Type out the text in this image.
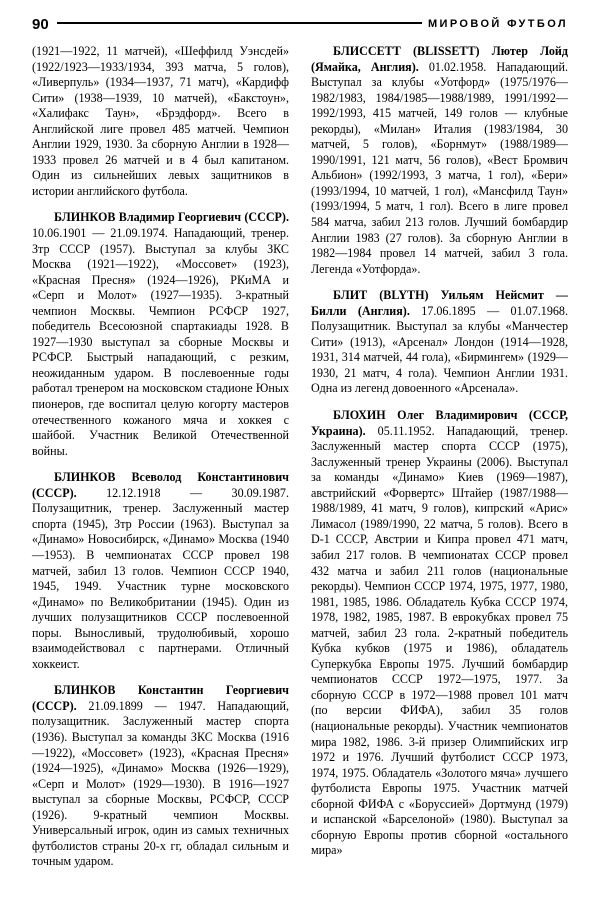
90	МИРОВОЙ ФУТБОЛ

(1921—1922, 11 матчей), «Шеффилд Уэнсдей» (1922/1923—1933/1934, 393 матча, 5 голов), «Ливерпуль» (1934—1937, 71 матч), «Кардифф Сити» (1938—1939, 10 матчей), «Бакстоун», «Халифакс Таун», «Брэдфорд». Всего в Английской лиге провел 485 матчей. Чемпион Англии 1929, 1930. За сборную Англии в 1928—1933 провел 26 матчей и в 4 был капитаном. Один из сильнейших левых защитников в истории английского футбола.

БЛИНКОВ Владимир Георгиевич (СССР). 10.06.1901 — 21.09.1974. Нападающий, тренер. Зтр СССР (1957). Выступал за клубы ЗКС Москва (1921—1922), «Моссовет» (1923), «Красная Пресня» (1924—1926), РКиМА и «Серп и Молот» (1927—1935). 3-кратный чемпион Москвы. Чемпион РСФСР 1927, победитель Всесоюзной спартакиады 1928. В 1927—1930 выступал за сборные Москвы и РСФСР. Быстрый нападающий, с резким, неожиданным ударом. В послевоенные годы работал тренером на московском стадионе Юных пионеров, где воспитал целую когорту мастеров отечественного кожаного мяча и хоккея с шайбой. Участник Великой Отечественной войны.

БЛИНКОВ Всеволод Константинович (СССР). 12.12.1918 — 30.09.1987. Полузащитник, тренер. Заслуженный мастер спорта (1945), Зтр России (1963). Выступал за «Динамо» Новосибирск, «Динамо» Москва (1940—1953). В чемпионатах СССР провел 198 матчей, забил 13 голов. Чемпион СССР 1940, 1945, 1949. Участник турне московского «Динамо» по Великобритании (1945). Один из лучших полузащитников СССР послевоенной поры. Выносливый, трудолюбивый, хорошо взаимодействовал с партнерами. Отличный хоккеист.

БЛИНКОВ Константин Георгиевич (СССР). 21.09.1899 — 1947. Нападающий, полузащитник. Заслуженный мастер спорта (1936). Выступал за команды ЗКС Москва (1916—1922), «Моссовет» (1923), «Красная Пресня» (1924—1925), «Динамо» Москва (1926—1929), «Серп и Молот» (1929—1930). В 1916—1927 выступал за сборные Москвы, РСФСР, СССР (1926). 9-кратный чемпион Москвы. Универсальный игрок, один из самых техничных футболистов страны 20-х гг, обладал сильным и точным ударом.

БЛИССЕТТ (BLISSETT) Лютер Лойд (Ямайка, Англия). 01.02.1958. Нападающий. Выступал за клубы «Уотфорд» (1975/1976—1982/1983, 1984/1985—1988/1989, 1991/1992—1992/1993, 415 матчей, 149 голов — клубные рекорды), «Милан» Италия (1983/1984, 30 матчей, 5 голов), «Борнмут» (1988/1989—1990/1991, 121 матч, 56 голов), «Вест Бромвич Альбион» (1992/1993, 3 матча, 1 гол), «Бери» (1993/1994, 10 матчей, 1 гол), «Мансфилд Таун» (1993/1994, 5 матч, 1 гол). Всего в лиге провел 584 матча, забил 213 голов. Лучший бомбардир Англии 1983 (27 голов). За сборную Англии в 1982—1984 провел 14 матчей, забил 3 гола. Легенда «Уотфорда».

БЛИТ (BLYTH) Уильям Нейсмит — Билли (Англия). 17.06.1895 — 01.07.1968. Полузащитник. Выступал за клубы «Манчестер Сити» (1913), «Арсенал» Лондон (1914—1928, 1931, 314 матчей, 44 гола), «Бирмингем» (1929—1930, 21 матч, 4 гола). Чемпион Англии 1931. Одна из легенд довоенного «Арсенала».

БЛОХИН Олег Владимирович (СССР, Украина). 05.11.1952. Нападающий, тренер. Заслуженный мастер спорта СССР (1975), Заслуженный тренер Украины (2006). Выступал за команды «Динамо» Киев (1969—1987), австрийский «Форвертс» Штайер (1987/1988—1988/1989, 41 матч, 9 голов), кипрский «Арис» Лимасол (1989/1990, 22 матча, 5 голов). Всего в D-1 СССР, Австрии и Кипра провел 471 матч, забил 217 голов. В чемпионатах СССР провел 432 матча и забил 211 голов (национальные рекорды). Чемпион СССР 1974, 1975, 1977, 1980, 1981, 1985, 1986. Обладатель Кубка СССР 1974, 1978, 1982, 1985, 1987. В еврокубках провел 75 матчей, забил 23 гола. 2-кратный победитель Кубка кубков (1975 и 1986), обладатель Суперкубка Европы 1975. Лучший бомбардир чемпионатов СССР 1972—1975, 1977. За сборную СССР в 1972—1988 провел 101 матч (по версии ФИФА), забил 35 голов (национальные рекорды). Участник чемпионатов мира 1982, 1986. 3-й призер Олимпийских игр 1972 и 1976. Лучший футболист СССР 1973, 1974, 1975. Обладатель «Золотого мяча» лучшего футболиста Европы 1975. Участник матчей сборной ФИФА с «Боруссией» Дортмунд (1979) и испанской «Барселоной» (1980). Выступал за сборную Европы против сборной «остального мира»
